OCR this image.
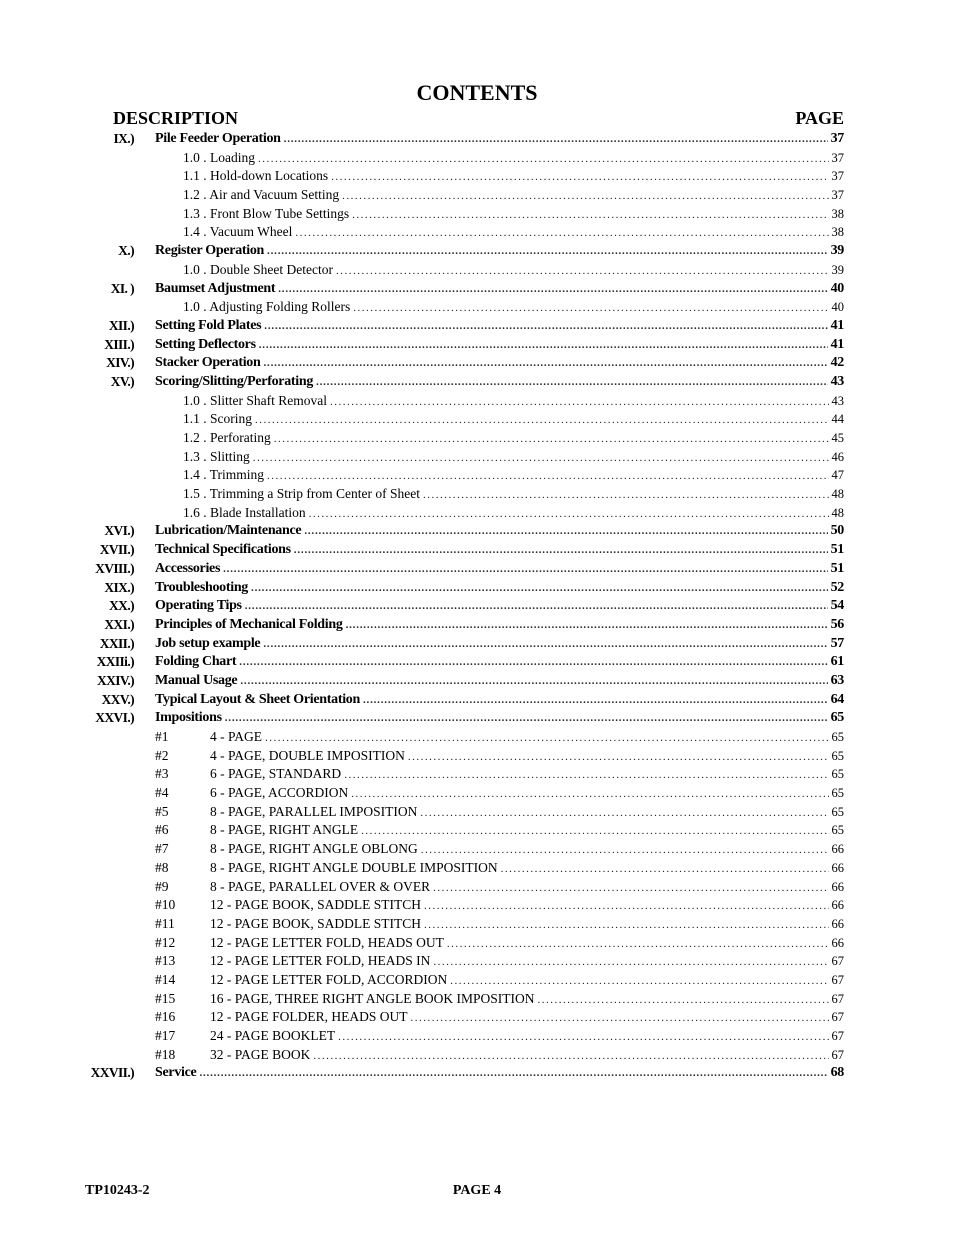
CONTENTS
DESCRIPTION	PAGE
IX.) Pile Feeder Operation .....	37
1.0 . Loading .....	37
1.1 . Hold-down Locations .....	37
1.2 . Air and Vacuum Setting .....	37
1.3 . Front Blow Tube Settings .....	38
1.4 . Vacuum Wheel .....	38
X.) Register Operation .....	39
1.0 . Double Sheet Detector .....	39
XI. ) Baumset Adjustment .....	40
1.0 . Adjusting Folding Rollers .....	40
XII.) Setting Fold Plates .....	41
XIII.) Setting Deflectors .....	41
XIV.) Stacker Operation .....	42
XV.) Scoring/Slitting/Perforating .....	43
1.0 . Slitter Shaft Removal .....	43
1.1 . Scoring .....	44
1.2 . Perforating .....	45
1.3 . Slitting .....	46
1.4 . Trimming .....	47
1.5 . Trimming a Strip from Center of Sheet .....	48
1.6 . Blade Installation .....	48
XVI.) Lubrication/Maintenance .....	50
XVII.) Technical Specifications .....	51
XVIII.) Accessories .....	51
XIX.) Troubleshooting .....	52
XX.) Operating Tips .....	54
XXI.) Principles of Mechanical Folding .....	56
XXII.) Job setup example .....	57
XXIIi.) Folding Chart .....	61
XXIV.) Manual Usage .....	63
XXV.) Typical Layout & Sheet Orientation .....	64
XXVI.) Impositions .....	65
#1	4 - PAGE .....	65
#2	4 - PAGE, DOUBLE IMPOSITION .....	65
#3	6 - PAGE, STANDARD .....	65
#4	6 - PAGE, ACCORDION .....	65
#5	8 - PAGE, PARALLEL IMPOSITION .....	65
#6	8 - PAGE, RIGHT ANGLE .....	65
#7	8 - PAGE, RIGHT ANGLE OBLONG .....	66
#8	8 - PAGE, RIGHT ANGLE DOUBLE IMPOSITION .....	66
#9	8 - PAGE, PARALLEL OVER & OVER .....	66
#10	12 - PAGE BOOK, SADDLE STITCH .....	66
#11	12 - PAGE BOOK, SADDLE STITCH .....	66
#12	12 - PAGE LETTER FOLD, HEADS OUT .....	66
#13	12 - PAGE LETTER FOLD, HEADS IN .....	67
#14	12 - PAGE LETTER FOLD, ACCORDION .....	67
#15	16 - PAGE, THREE RIGHT ANGLE BOOK IMPOSITION .....	67
#16	12 - PAGE FOLDER, HEADS OUT .....	67
#17	24 - PAGE BOOKLET .....	67
#18	32 - PAGE BOOK .....	67
XXVII.) Service .....	68
TP10243-2	PAGE 4
